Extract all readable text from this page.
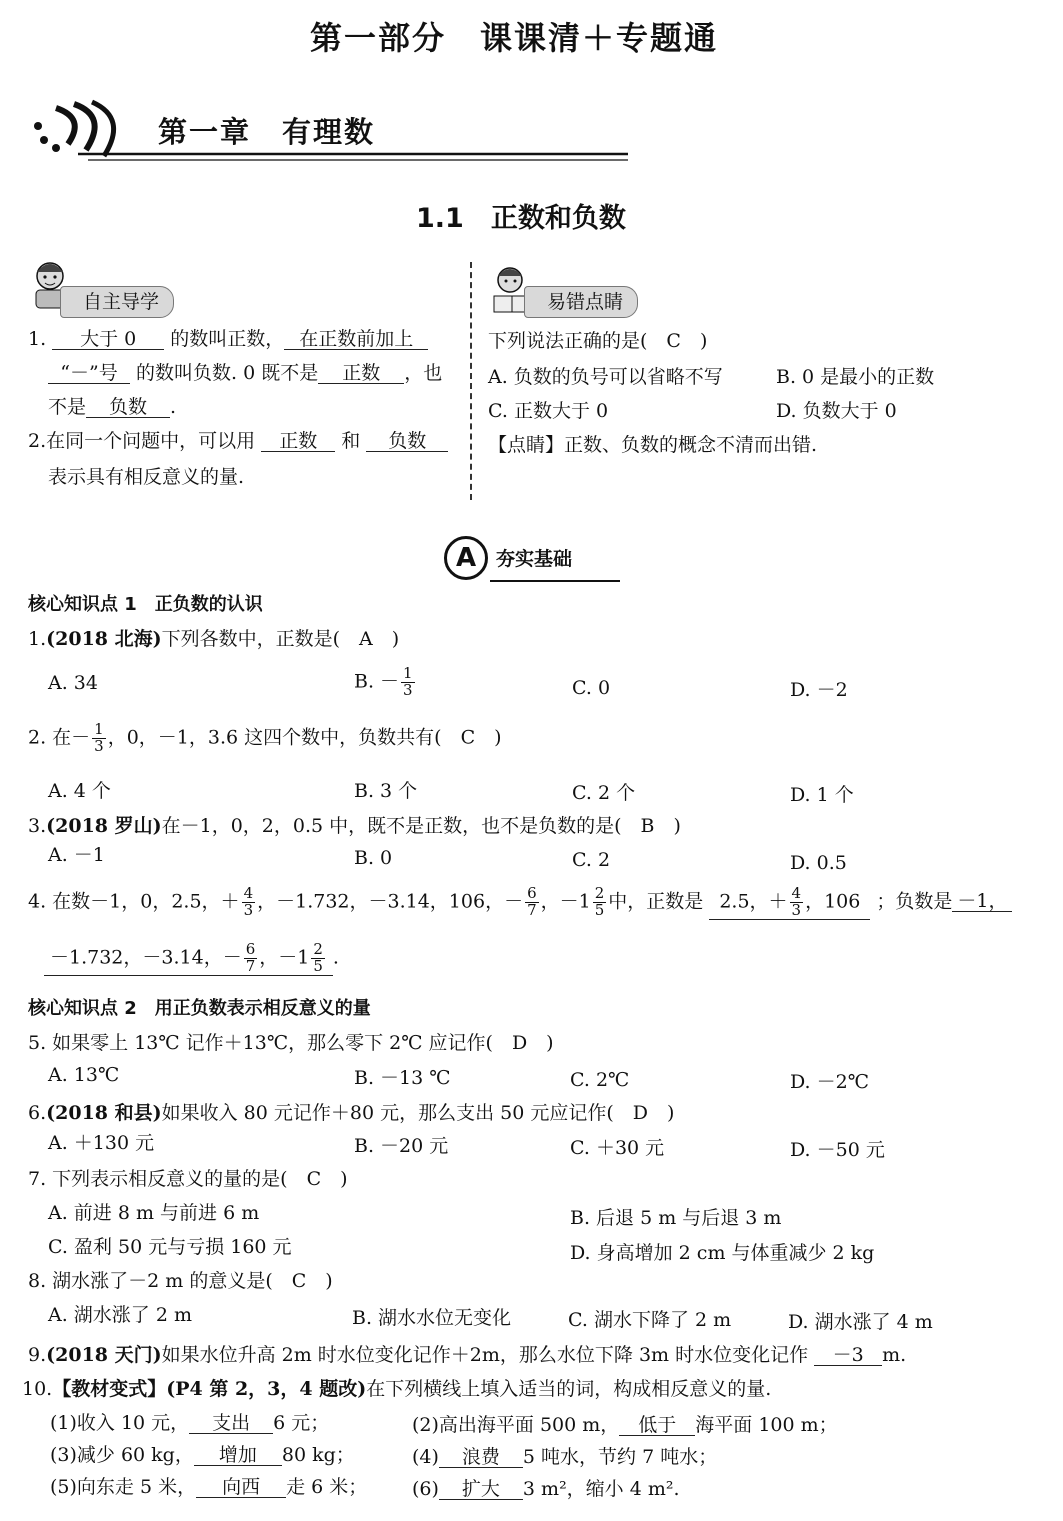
第一部分　课课清＋专题通
第一章　有理数
1.1　正数和负数
自主导学
1. 大于 0 的数叫正数， 在正数前加上
“－”号 的数叫负数. 0 既不是 正数 ，也
不是 负数 .
2.在同一个问题中，可以用 正数 和 负数
表示具有相反意义的量.
易错点睛
下列说法正确的是(　C　)
A. 负数的负号可以省略不写	B. 0 是最小的正数
C. 正数大于 0	D. 负数大于 0
【点睛】正数、负数的概念不清而出错.
A	夯实基础
核心知识点 1　正负数的认识
1.(2018 北海)下列各数中，正数是(　A　)
A. 34	B. － $\frac{1}{3}$	C. 0	D. －2
2. 在－ $\frac{1}{3}$ ，0，－1，3.6 这四个数中，负数共有(　C　)
A. 4 个	B. 3 个	C. 2 个	D. 1 个
3.(2018 罗山)在－1，0，2，0.5 中，既不是正数，也不是负数的是(　B　)
A. －1	B. 0	C. 2	D. 0.5
4. 在数－1，0，2.5，＋ $\frac{4}{3}$ ，－1.732，－3.14，106，－ $\frac{6}{7}$ ，$-1 \frac{2}{5}$ 中，正数是 2.5，＋ $\frac{4}{3}$ ，106 ；负数是 －1，
－1.732，－3.14，－ $\frac{6}{7}$ ，$-1 \frac{2}{5}$ .
核心知识点 2　用正负数表示相反意义的量
5. 如果零上 13℃ 记作＋13℃，那么零下 2℃ 应记作(　D　)
A. 13℃	B. －13 ℃	C. 2℃	D. －2℃
6.(2018 和县)如果收入 80 元记作＋80 元，那么支出 50 元应记作(　D　)
A. ＋130 元	B. －20 元	C. ＋30 元	D. －50 元
7. 下列表示相反意义的量的是(　C　)
A. 前进 8 m 与前进 6 m	B. 后退 5 m 与后退 3 m
C. 盈利 50 元与亏损 160 元	D. 身高增加 2 cm 与体重减少 2 kg
8. 湖水涨了－2 m 的意义是(　C　)
A. 湖水涨了 2 m	B. 湖水水位无变化	C. 湖水下降了 2 m	D. 湖水涨了 4 m
9.(2018 天门)如果水位升高 2m 时水位变化记作＋2m，那么水位下降 3m 时水位变化记作 －3 m.
10.【教材变式】(P4 第 2，3，4 题改)在下列横线上填入适当的词，构成相反意义的量.
(1)收入 10 元， 支出 6 元；	(2)高出海平面 500 m， 低于 海平面 100 m；
(3)减少 60 kg， 增加 80 kg；	(4) 浪费 5 吨水，节约 7 吨水；
(5)向东走 5 米， 向西 走 6 米； (6) 扩大 3 m²，缩小 4 m².
